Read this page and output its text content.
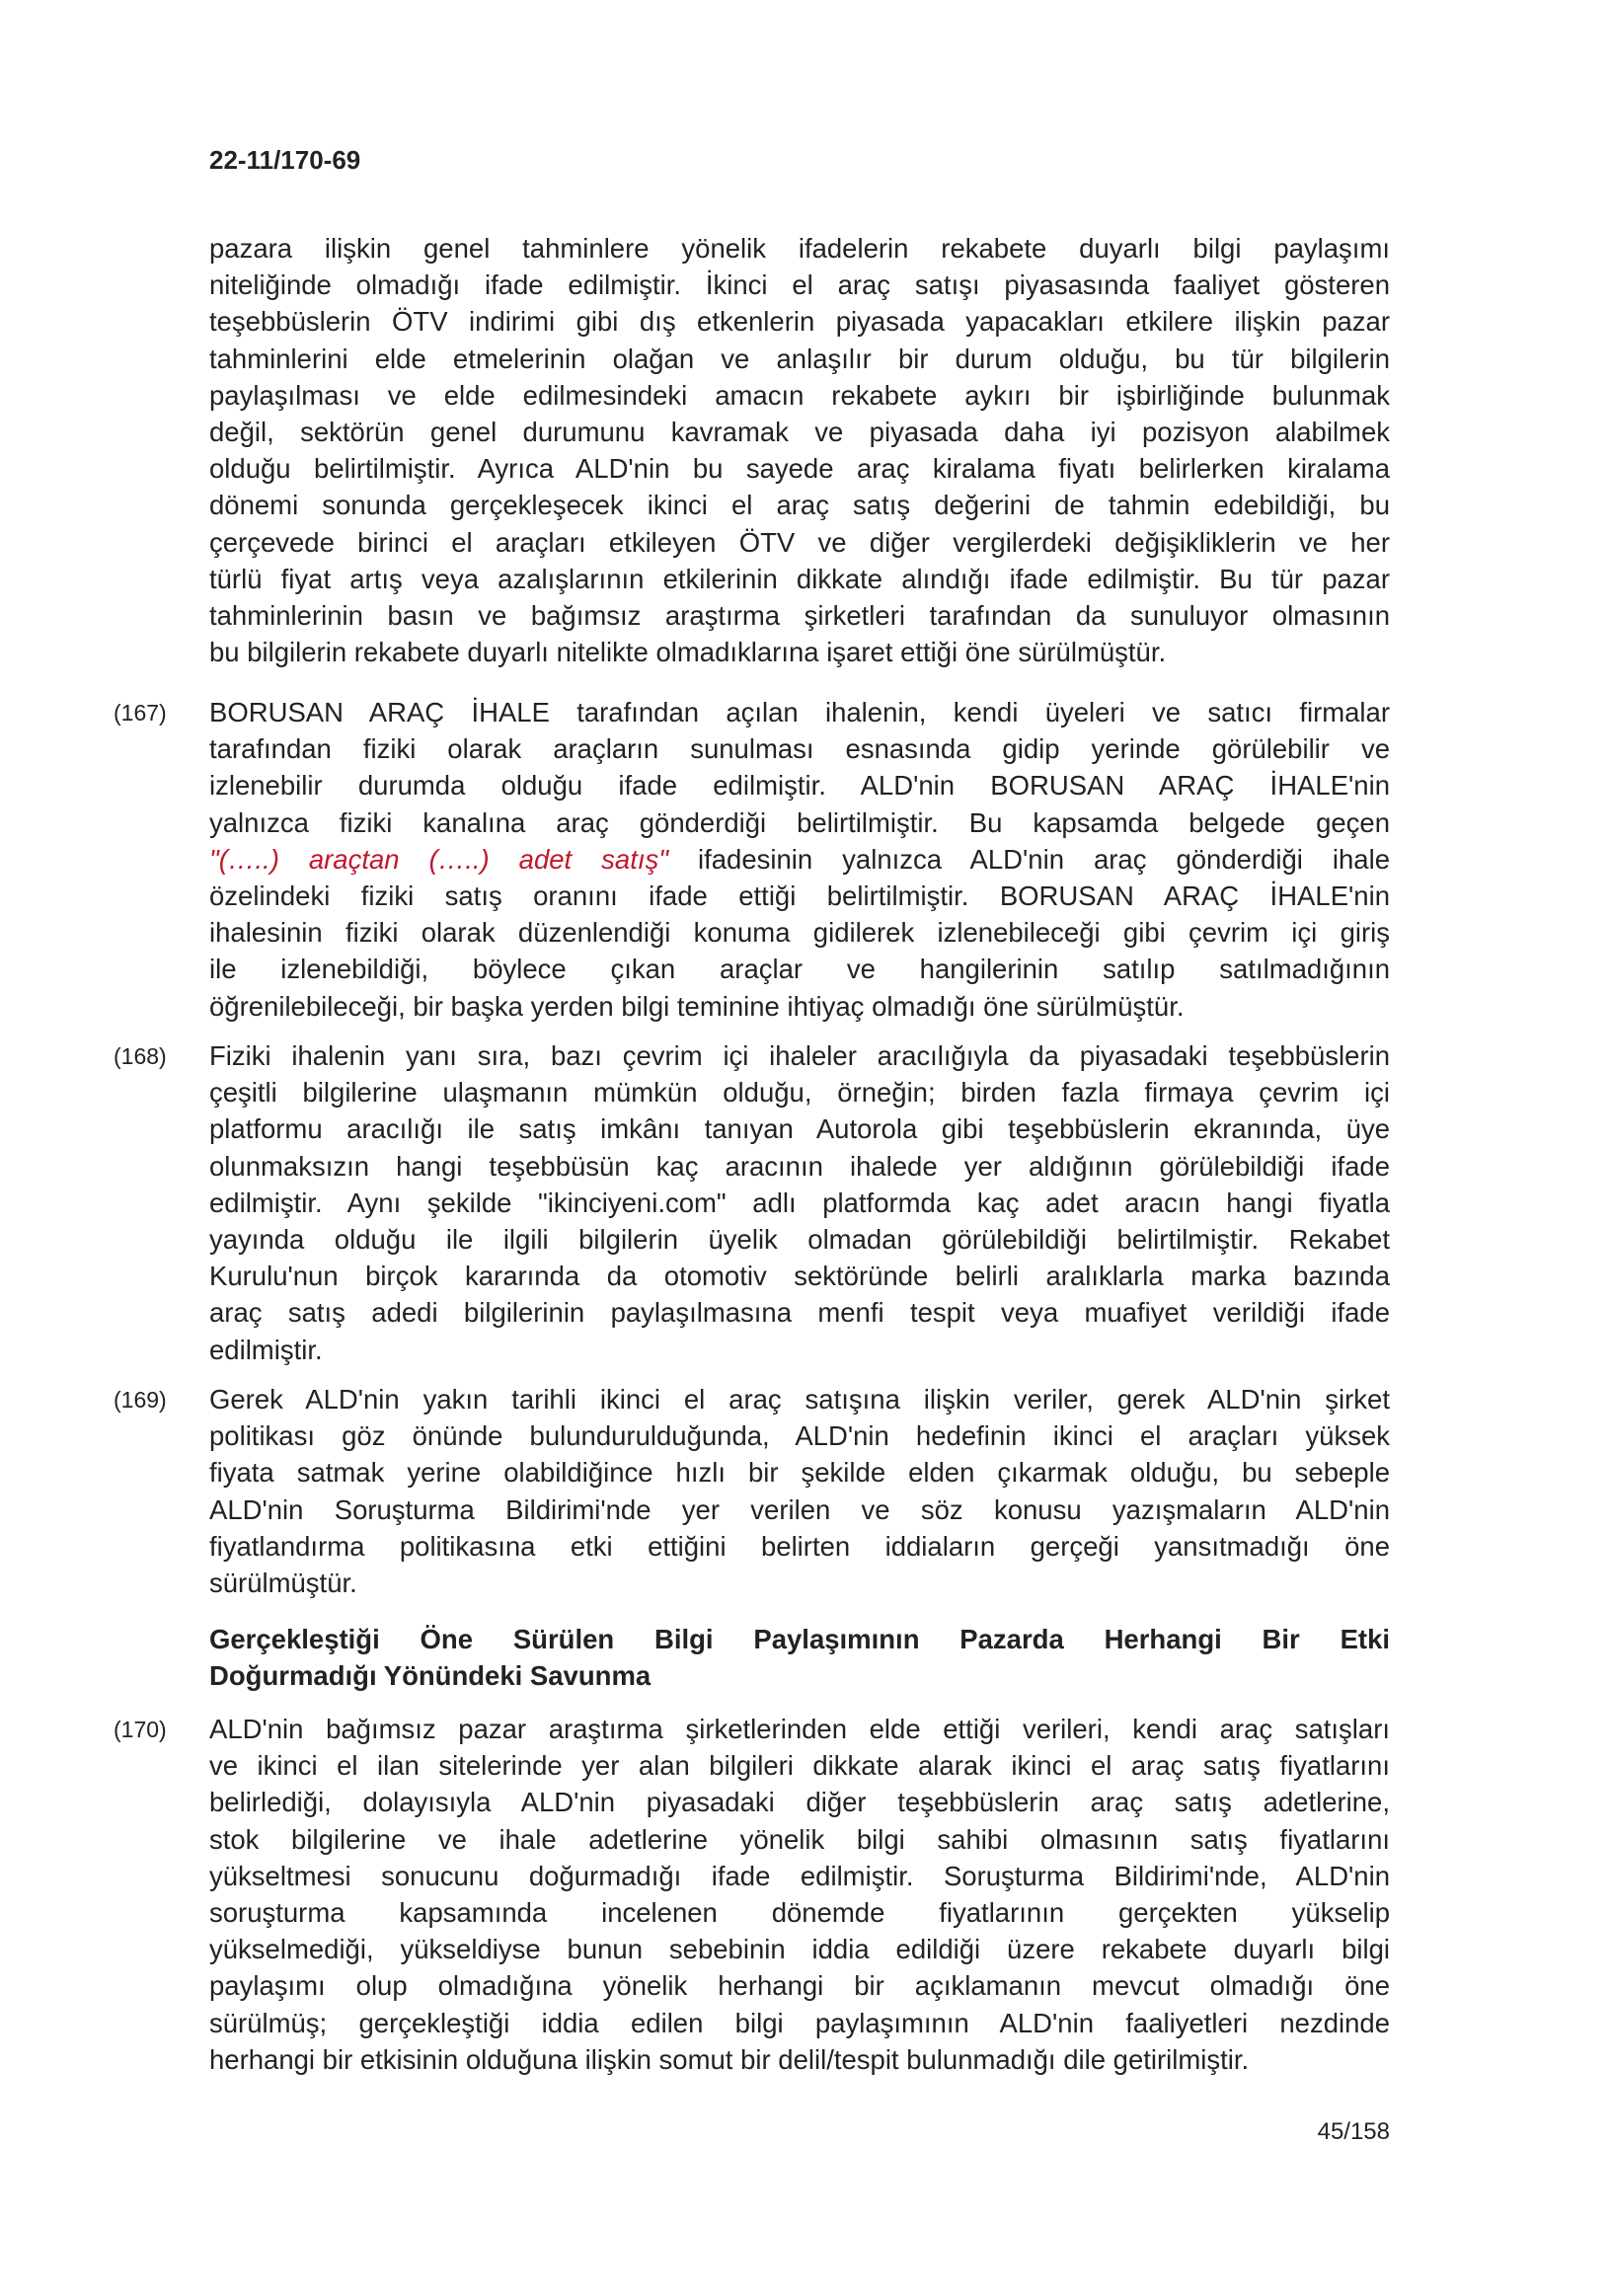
22-11/170-69
pazara ilişkin genel tahminlere yönelik ifadelerin rekabete duyarlı bilgi paylaşımı
niteliğinde olmadığı ifade edilmiştir. İkinci el araç satışı piyasasında faaliyet gösteren
teşebbüslerin ÖTV indirimi gibi dış etkenlerin piyasada yapacakları etkilere ilişkin pazar
tahminlerini elde etmelerinin olağan ve anlaşılır bir durum olduğu, bu tür bilgilerin
paylaşılması ve elde edilmesindeki amacın rekabete aykırı bir işbirliğinde bulunmak
değil, sektörün genel durumunu kavramak ve piyasada daha iyi pozisyon alabilmek
olduğu belirtilmiştir. Ayrıca ALD'nin bu sayede araç kiralama fiyatı belirlerken kiralama
dönemi sonunda gerçekleşecek ikinci el araç satış değerini de tahmin edebildiği, bu
çerçevede birinci el araçları etkileyen ÖTV ve diğer vergilerdeki değişikliklerin ve her
türlü fiyat artış veya azalışlarının etkilerinin dikkate alındığı ifade edilmiştir. Bu tür pazar
tahminlerinin basın ve bağımsız araştırma şirketleri tarafından da sunuluyor olmasının
bu bilgilerin rekabete duyarlı nitelikte olmadıklarına işaret ettiği öne sürülmüştür.
(167)	BORUSAN ARAÇ İHALE tarafından açılan ihalenin, kendi üyeleri ve satıcı firmalar
tarafından fiziki olarak araçların sunulması esnasında gidip yerinde görülebilir ve
izlenebilir durumda olduğu ifade edilmiştir. ALD'nin BORUSAN ARAÇ İHALE'nin
yalnızca fiziki kanalına araç gönderdiği belirtilmiştir. Bu kapsamda belgede geçen
"(…..) araçtan (…..) adet satış" ifadesinin yalnızca ALD'nin araç gönderdiği ihale
özelindeki fiziki satış oranını ifade ettiği belirtilmiştir. BORUSAN ARAÇ İHALE'nin
ihalesinin fiziki olarak düzenlendiği konuma gidilerek izlenebileceği gibi çevrim içi giriş
ile izlenebildiği, böylece çıkan araçlar ve hangilerinin satılıp satılmadığının
öğrenilebileceği, bir başka yerden bilgi teminine ihtiyaç olmadığı öne sürülmüştür.
(168)	Fiziki ihalenin yanı sıra, bazı çevrim içi ihaleler aracılığıyla da piyasadaki teşebbüslerin
çeşitli bilgilerine ulaşmanın mümkün olduğu, örneğin; birden fazla firmaya çevrim içi
platformu aracılığı ile satış imkânı tanıyan Autorola gibi teşebbüslerin ekranında, üye
olunmaksızın hangi teşebbüsün kaç aracının ihalede yer aldığının görülebildiği ifade
edilmiştir. Aynı şekilde "ikinciyeni.com" adlı platformda kaç adet aracın hangi fiyatla
yayında olduğu ile ilgili bilgilerin üyelik olmadan görülebildiği belirtilmiştir. Rekabet
Kurulu'nun birçok kararında da otomotiv sektöründe belirli aralıklarla marka bazında
araç satış adedi bilgilerinin paylaşılmasına menfi tespit veya muafiyet verildiği ifade
edilmiştir.
(169)	Gerek ALD'nin yakın tarihli ikinci el araç satışına ilişkin veriler, gerek ALD'nin şirket
politikası göz önünde bulundurulduğunda, ALD'nin hedefinin ikinci el araçları yüksek
fiyata satmak yerine olabildiğince hızlı bir şekilde elden çıkarmak olduğu, bu sebeple
ALD'nin Soruşturma Bildirimi'nde yer verilen ve söz konusu yazışmaların ALD'nin
fiyatlandırma politikasına etki ettiğini belirten iddiaların gerçeği yansıtmadığı öne
sürülmüştür.
Gerçekleştiği Öne Sürülen Bilgi Paylaşımının Pazarda Herhangi Bir Etki
Doğurmadığı Yönündeki Savunma
(170)	ALD'nin bağımsız pazar araştırma şirketlerinden elde ettiği verileri, kendi araç satışları
ve ikinci el ilan sitelerinde yer alan bilgileri dikkate alarak ikinci el araç satış fiyatlarını
belirlediği, dolayısıyla ALD'nin piyasadaki diğer teşebbüslerin araç satış adetlerine,
stok bilgilerine ve ihale adetlerine yönelik bilgi sahibi olmasının satış fiyatlarını
yükseltmesi sonucunu doğurmadığı ifade edilmiştir. Soruşturma Bildirimi'nde, ALD'nin
soruşturma kapsamında incelenen dönemde fiyatlarının gerçekten yükselip
yükselmediği, yükseldiyse bunun sebebinin iddia edildiği üzere rekabete duyarlı bilgi
paylaşımı olup olmadığına yönelik herhangi bir açıklamanın mevcut olmadığı öne
sürülmüş; gerçekleştiği iddia edilen bilgi paylaşımının ALD'nin faaliyetleri nezdinde
herhangi bir etkisinin olduğuna ilişkin somut bir delil/tespit bulunmadığı dile getirilmiştir.
45/158
